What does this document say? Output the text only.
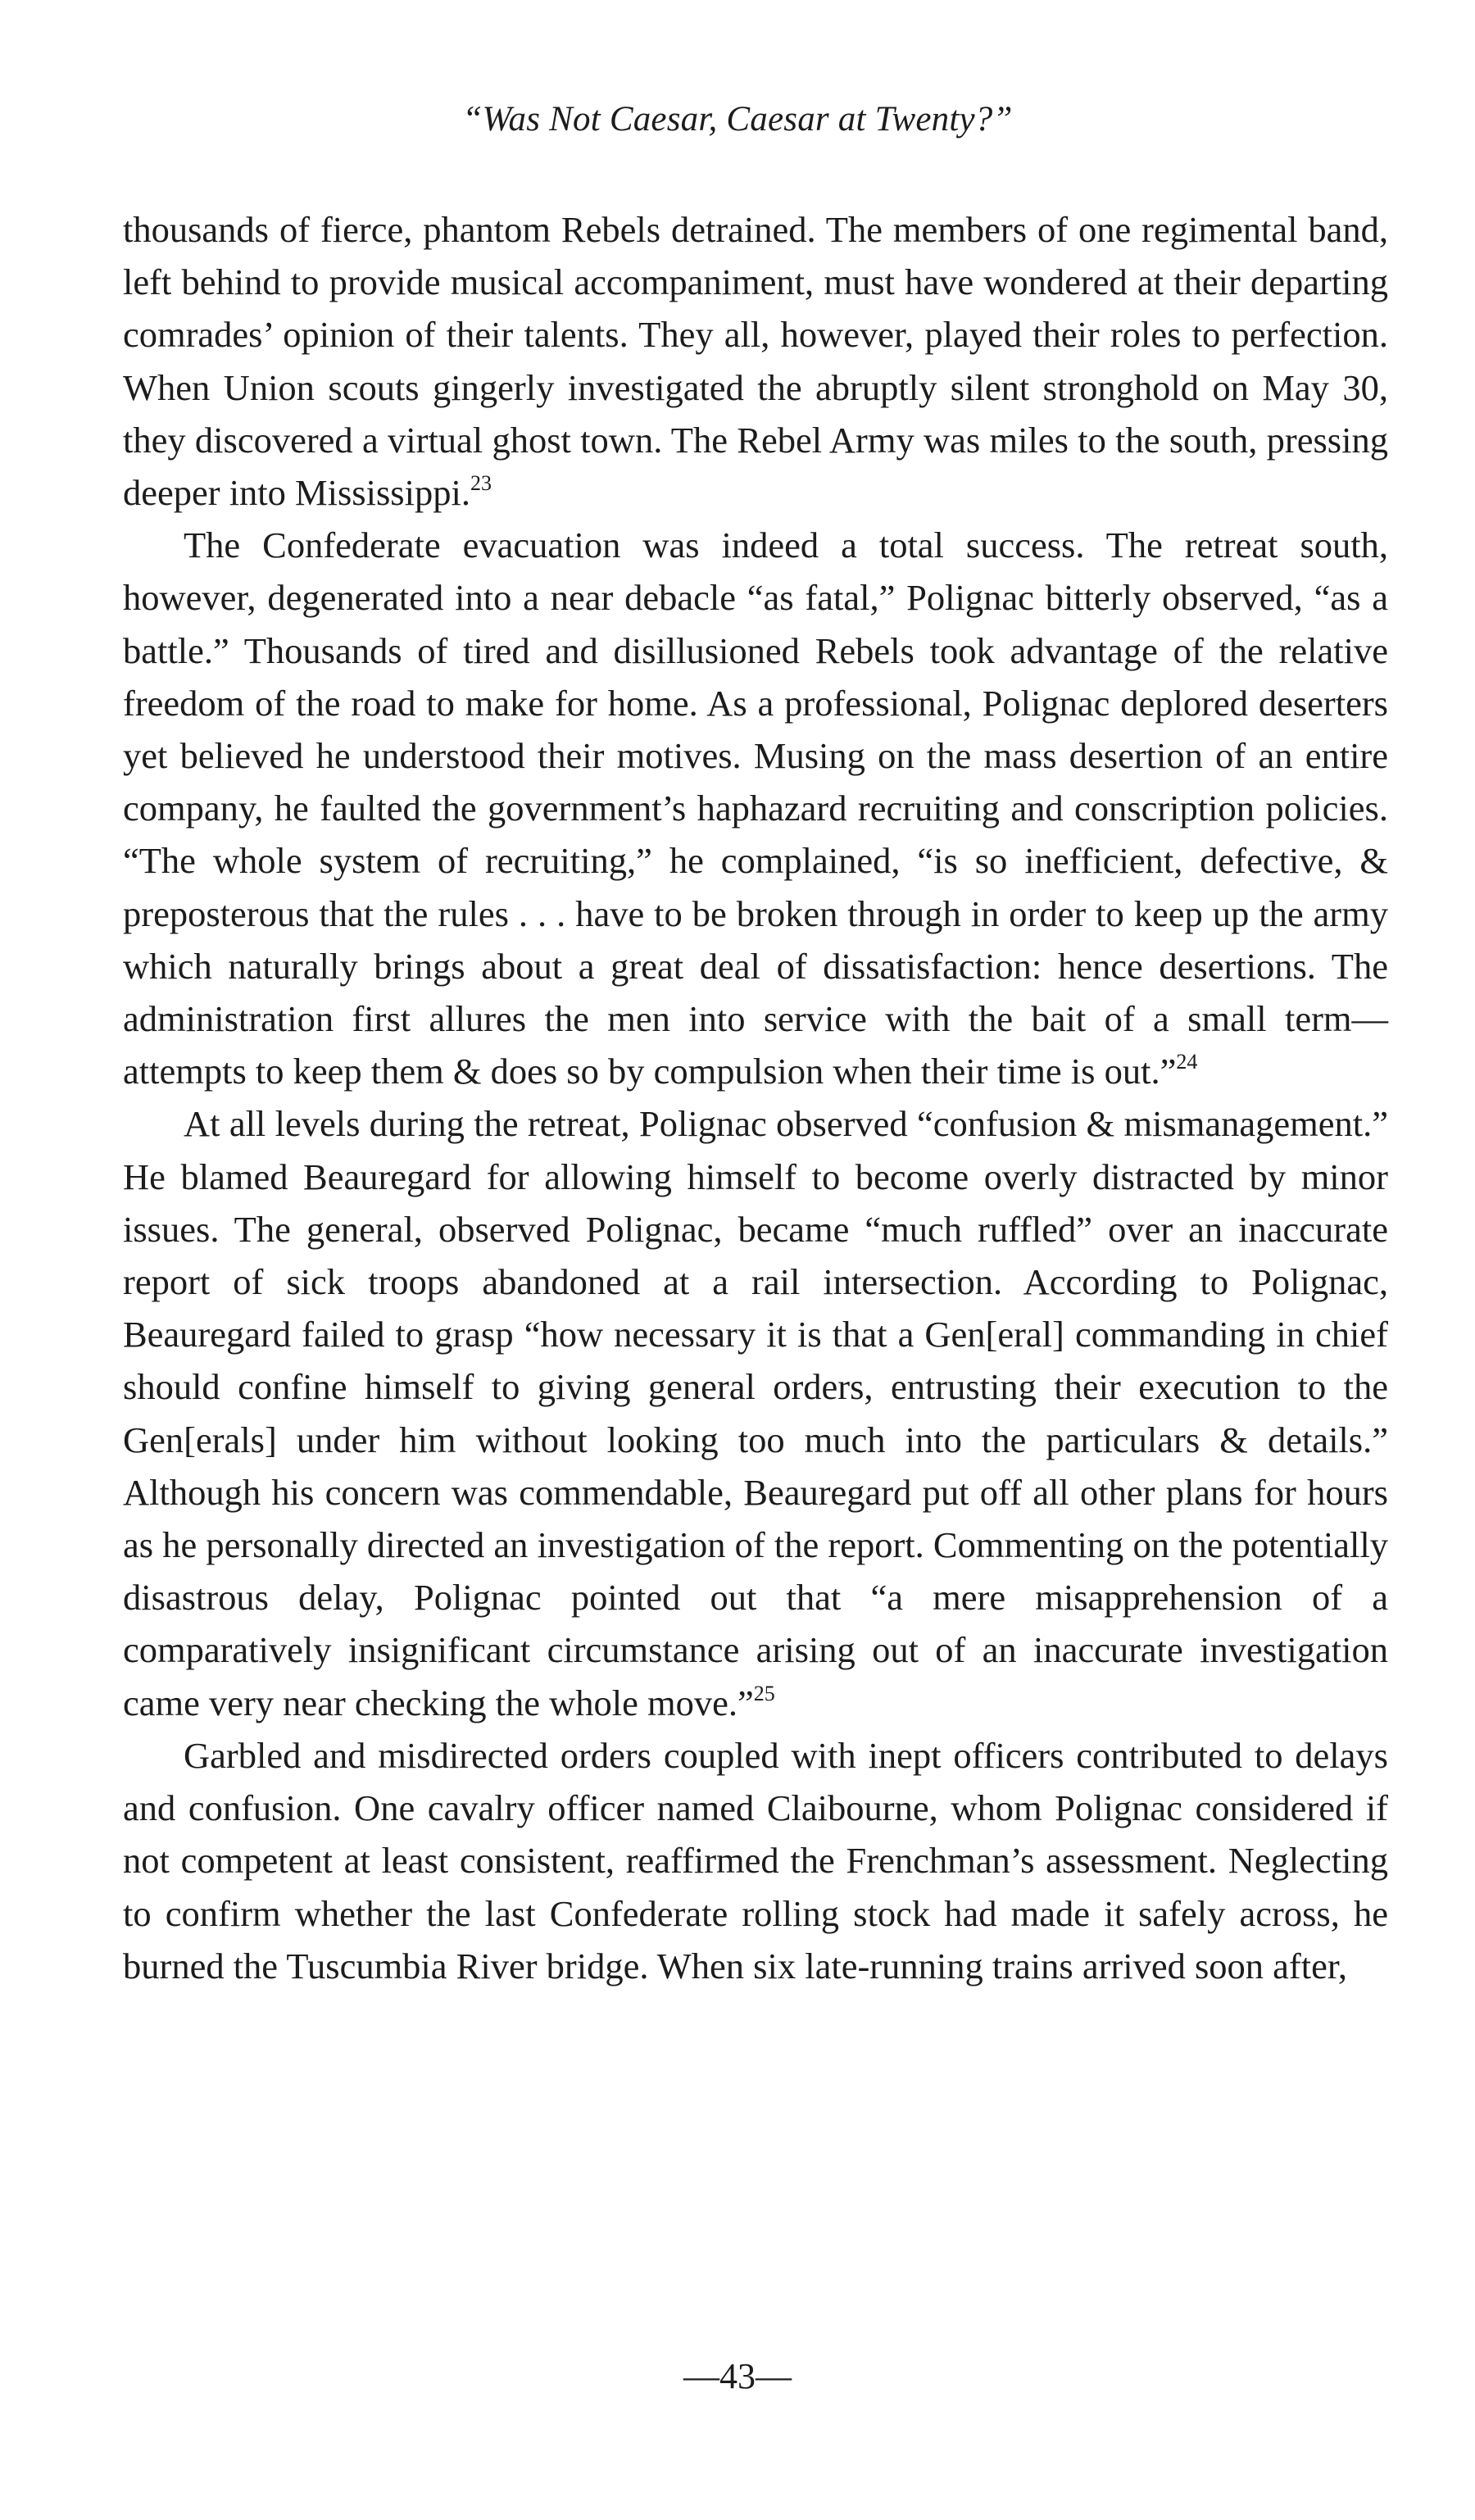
“Was Not Caesar, Caesar at Twenty?”

thousands of fierce, phantom Rebels detrained. The members of one regimental band, left behind to provide musical accompaniment, must have wondered at their departing comrades’ opinion of their talents. They all, however, played their roles to perfection. When Union scouts gingerly investigated the abruptly silent stronghold on May 30, they discovered a virtual ghost town. The Rebel Army was miles to the south, pressing deeper into Mississippi.$^{23}$

The Confederate evacuation was indeed a total success. The retreat south, however, degenerated into a near debacle “as fatal,” Polignac bitterly observed, “as a battle.” Thousands of tired and disillusioned Rebels took advantage of the relative freedom of the road to make for home. As a professional, Polignac deplored deserters yet believed he understood their motives. Musing on the mass desertion of an entire company, he faulted the government’s haphazard recruiting and conscription policies. “The whole system of recruiting,” he complained, “is so inefficient, defective, & preposterous that the rules . . . have to be broken through in order to keep up the army which naturally brings about a great deal of dissatisfaction: hence desertions. The administration first allures the men into service with the bait of a small term—attempts to keep them & does so by compulsion when their time is out.”$^{24}$

At all levels during the retreat, Polignac observed “confusion & mismanagement.” He blamed Beauregard for allowing himself to become overly distracted by minor issues. The general, observed Polignac, became “much ruffled” over an inaccurate report of sick troops abandoned at a rail intersection. According to Polignac, Beauregard failed to grasp “how necessary it is that a Gen[eral] commanding in chief should confine himself to giving general orders, entrusting their execution to the Gen[erals] under him without looking too much into the particulars & details.” Although his concern was commendable, Beauregard put off all other plans for hours as he personally directed an investigation of the report. Commenting on the potentially disastrous delay, Polignac pointed out that “a mere misapprehension of a comparatively insignificant circumstance arising out of an inaccurate investigation came very near checking the whole move.”$^{25}$

Garbled and misdirected orders coupled with inept officers contributed to delays and confusion. One cavalry officer named Claibourne, whom Polignac considered if not competent at least consistent, reaffirmed the Frenchman’s assessment. Neglecting to confirm whether the last Confederate rolling stock had made it safely across, he burned the Tuscumbia River bridge. When six late-running trains arrived soon after,

—43—
